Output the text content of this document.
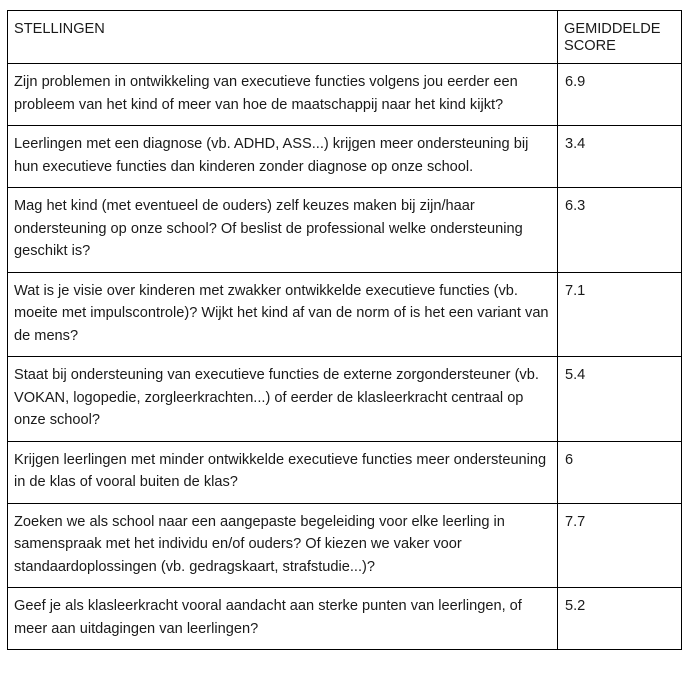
STELLINGEN	GEMIDDELDE SCORE
Zijn problemen in ontwikkeling van executieve functies volgens jou eerder een probleem van het kind of meer van hoe de maatschappij naar het kind kijkt?	6.9
Leerlingen met een diagnose (vb. ADHD, ASS...) krijgen meer ondersteuning bij hun executieve functies dan kinderen zonder diagnose op onze school.	3.4
Mag het kind (met eventueel de ouders) zelf keuzes maken bij zijn/haar ondersteuning op onze school? Of beslist de professional welke ondersteuning geschikt is?	6.3
Wat is je visie over kinderen met zwakker ontwikkelde executieve functies (vb. moeite met impulscontrole)? Wijkt het kind af van de norm of is het een variant van de mens?	7.1
Staat bij ondersteuning van executieve functies de externe zorgondersteuner (vb. VOKAN, logopedie, zorgleerkrachten...) of eerder de klasleerkracht centraal op onze school?	5.4
Krijgen leerlingen met minder ontwikkelde executieve functies meer ondersteuning in de klas of vooral buiten de klas?	6
Zoeken we als school naar een aangepaste begeleiding voor elke leerling in samenspraak met het individu en/of ouders? Of kiezen we vaker voor standaardoplossingen (vb. gedragskaart, strafstudie...)?	7.7
Geef je als klasleerkracht vooral aandacht aan sterke punten van leerlingen, of meer aan uitdagingen van leerlingen?	5.2
